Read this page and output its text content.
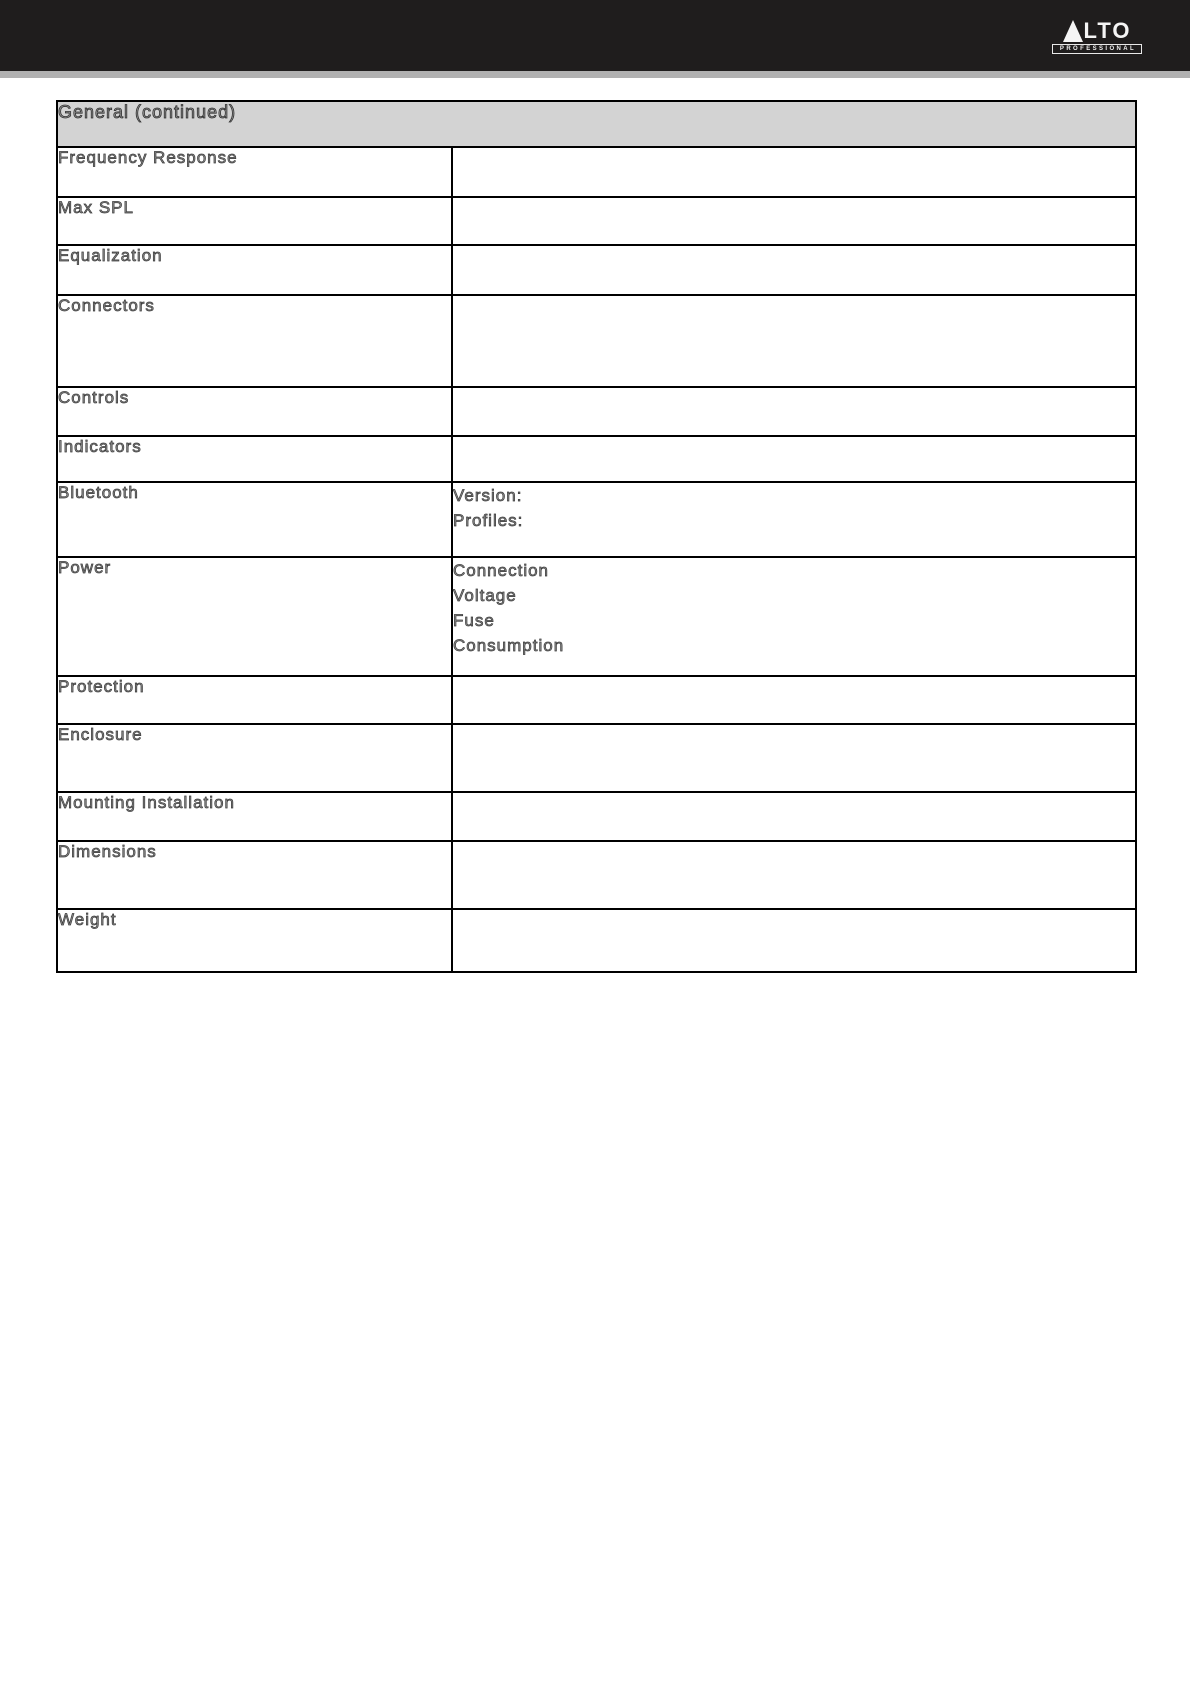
LTO
PROFESSIONAL
General (continued)	
Frequency Response	
Max SPL	
Equalization	
Connectors	
Controls	
Indicators	
Bluetooth	Version:
Profiles:

Power	Connection
Voltage
Fuse
Consumption

Protection	
Enclosure	
Mounting Installation	
Dimensions	
Weight	
